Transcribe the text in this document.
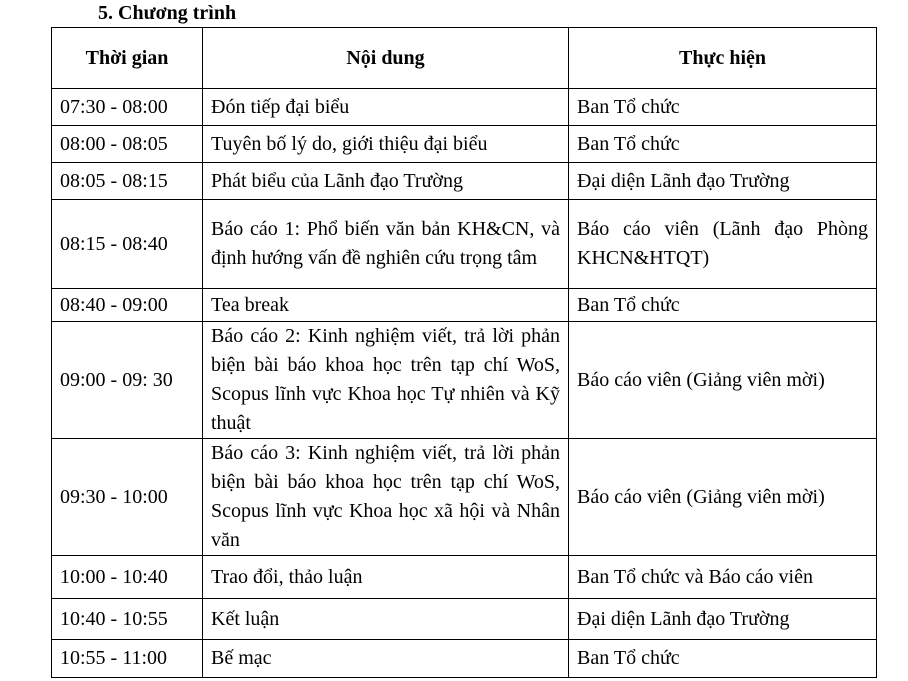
5. Chương trình
Thời gian	Nội dung	Thực hiện
07:30 - 08:00	Đón tiếp đại biểu	Ban Tổ chức
08:00 - 08:05	Tuyên bố lý do, giới thiệu đại biểu	Ban Tổ chức
08:05 - 08:15	Phát biểu của Lãnh đạo Trường	Đại diện Lãnh đạo Trường
08:15 - 08:40	Báo cáo 1: Phổ biến văn bản KH&CN, và định hướng vấn đề nghiên cứu trọng tâm	Báo cáo viên (Lãnh đạo Phòng KHCN&HTQT)
08:40 - 09:00	Tea break	Ban Tổ chức
09:00 - 09: 30	Báo cáo 2: Kinh nghiệm viết, trả lời phản biện bài báo khoa học trên tạp chí WoS, Scopus lĩnh vực Khoa học Tự nhiên và Kỹ thuật	Báo cáo viên (Giảng viên mời)
09:30 - 10:00	Báo cáo 3: Kinh nghiệm viết, trả lời phản biện bài báo khoa học trên tạp chí WoS, Scopus lĩnh vực Khoa học xã hội và Nhân văn	Báo cáo viên (Giảng viên mời)
10:00 - 10:40	Trao đổi, thảo luận	Ban Tổ chức và Báo cáo viên
10:40 - 10:55	Kết luận	Đại diện Lãnh đạo Trường
10:55 - 11:00	Bế mạc	Ban Tổ chức
